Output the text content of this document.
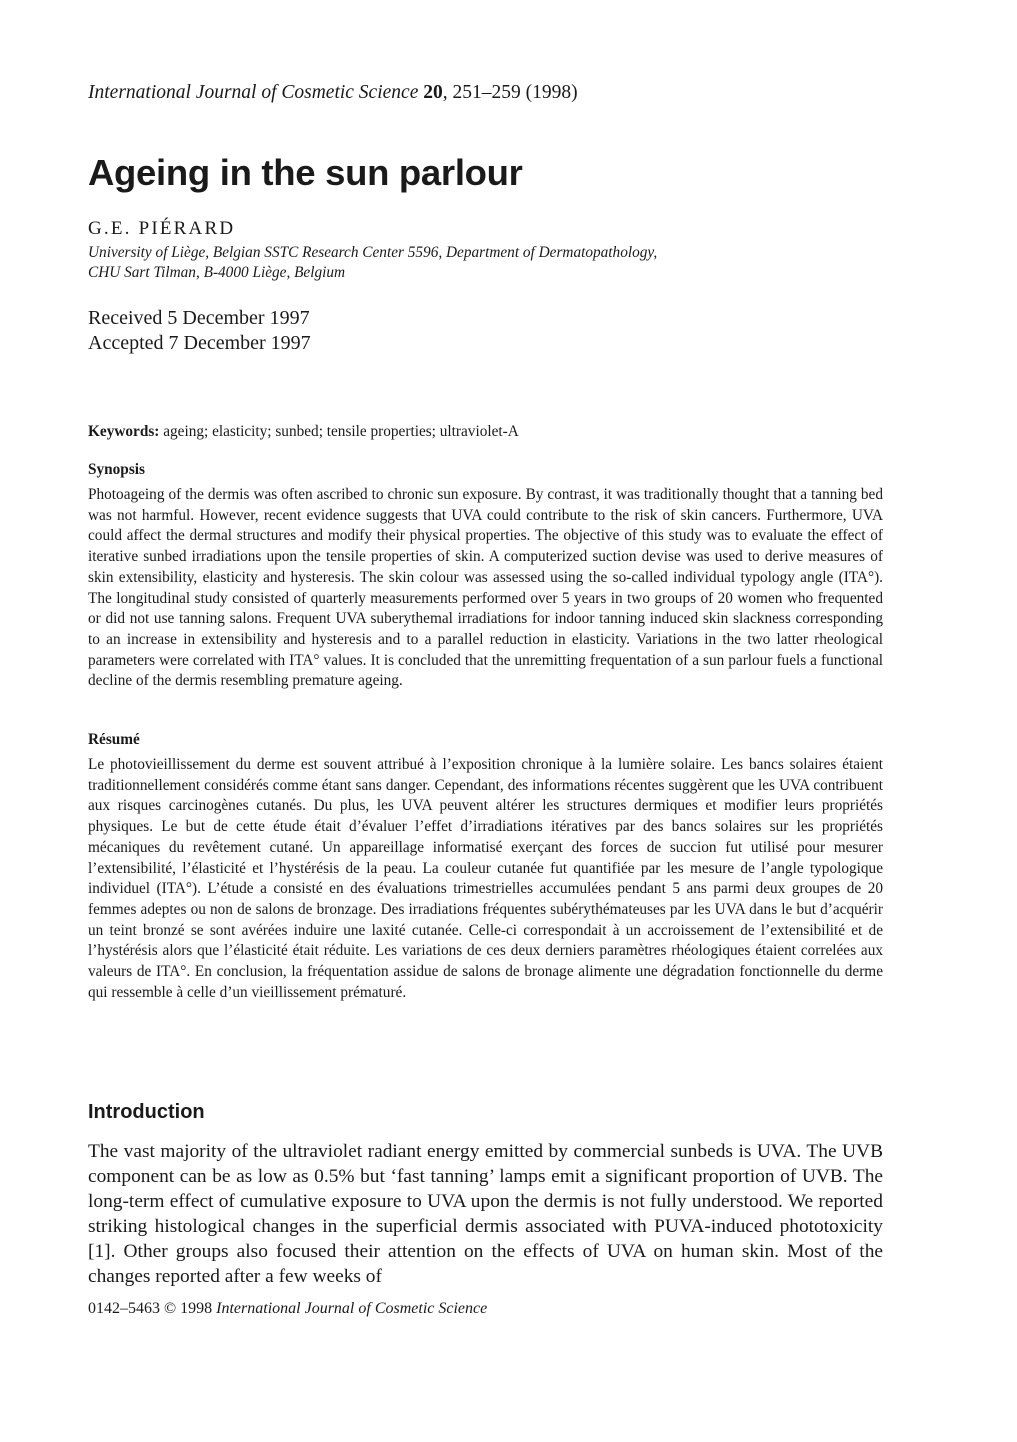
International Journal of Cosmetic Science 20, 251–259 (1998)
Ageing in the sun parlour
G.E. PIÉRARD
University of Liège, Belgian SSTC Research Center 5596, Department of Dermatopathology,
CHU Sart Tilman, B-4000 Liège, Belgium
Received 5 December 1997
Accepted 7 December 1997
Keywords: ageing; elasticity; sunbed; tensile properties; ultraviolet-A
Synopsis

Photoageing of the dermis was often ascribed to chronic sun exposure. By contrast, it was traditionally thought that a tanning bed was not harmful. However, recent evidence suggests that UVA could contribute to the risk of skin cancers. Furthermore, UVA could affect the dermal structures and modify their physical properties. The objective of this study was to evaluate the effect of iterative sunbed irradiations upon the tensile properties of skin. A computerized suction devise was used to derive measures of skin extensibility, elasticity and hysteresis. The skin colour was assessed using the so-called individual typology angle (ITA°). The longitudinal study consisted of quarterly measurements performed over 5 years in two groups of 20 women who frequented or did not use tanning salons. Frequent UVA suberythemal irradiations for indoor tanning induced skin slackness corresponding to an increase in extensibility and hysteresis and to a parallel reduction in elasticity. Variations in the two latter rheological parameters were correlated with ITA° values. It is concluded that the unremitting frequentation of a sun parlour fuels a functional decline of the dermis resembling premature ageing.

Résumé

Le photovieillissement du derme est souvent attribué à l’exposition chronique à la lumière solaire. Les bancs solaires étaient traditionnellement considérés comme étant sans danger. Cependant, des informations récentes suggèrent que les UVA contribuent aux risques carcinogènes cutanés. Du plus, les UVA peuvent altérer les structures dermiques et modifier leurs propriétés physiques. Le but de cette étude était d’évaluer l’effet d’irradiations itératives par des bancs solaires sur les propriétés mécaniques du revêtement cutané. Un appareillage informatisé exerçant des forces de succion fut utilisé pour mesurer l’extensibilité, l’élasticité et l’hystérésis de la peau. La couleur cutanée fut quantifiée par les mesure de l’angle typologique individuel (ITA°). L’étude a consisté en des évaluations trimestrielles accumulées pendant 5 ans parmi deux groupes de 20 femmes adeptes ou non de salons de bronzage. Des irradiations fréquentes subérythémateuses par les UVA dans le but d’acquérir un teint bronzé se sont avérées induire une laxité cutanée. Celle-ci correspondait à un accroissement de l’extensibilité et de l’hystérésis alors que l’élasticité était réduite. Les variations de ces deux derniers paramètres rhéologiques étaient correlées aux valeurs de ITA°. En conclusion, la fréquentation assidue de salons de bronage alimente une dégradation fonctionnelle du derme qui ressemble à celle d’un vieillissement prématuré.

Introduction

The vast majority of the ultraviolet radiant energy emitted by commercial sunbeds is UVA. The UVB component can be as low as 0.5% but ‘fast tanning’ lamps emit a significant proportion of UVB. The long-term effect of cumulative exposure to UVA upon the dermis is not fully understood. We reported striking histological changes in the superficial dermis associated with PUVA-induced phototoxicity [1]. Other groups also focused their attention on the effects of UVA on human skin. Most of the changes reported after a few weeks of

0142–5463 © 1998 International Journal of Cosmetic Science
